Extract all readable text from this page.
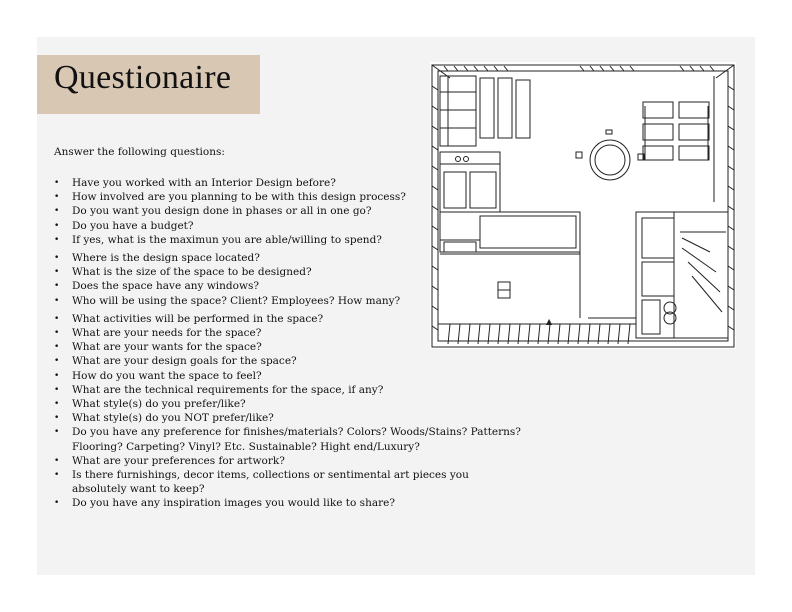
Questionaire
Answer the following questions:
• Have you worked with an Interior Design before?
• How involved are you planning to be with this design process?
• Do you want you design done in phases or all in one go?
• Do you have a budget?
• If yes, what is the maximun you are able/willing to spend?
• Where is the design space located?
• What is the size of the space to be designed?
• Does the space have any windows?
• Who will be using the space? Client? Employees? How many?
• What activities will be performed in the space?
• What are your needs for the space?
• What are your wants for the space?
• What are your design goals for the space?
• How do you want the space to feel?
• What are the technical requirements for the space, if any?
• What style(s) do you prefer/like?
• What style(s) do you NOT prefer/like?
• Do you have any preference for finishes/materials? Colors? Woods/Stains? Patterns? Flooring? Carpeting? Vinyl? Etc. Sustainable? Hight end/Luxury?
• What are your preferences for artwork?
• Is there furnishings, decor items, collections or sentimental art pieces you absolutely want to keep?
• Do you have any inspiration images you would like to share?
▲
